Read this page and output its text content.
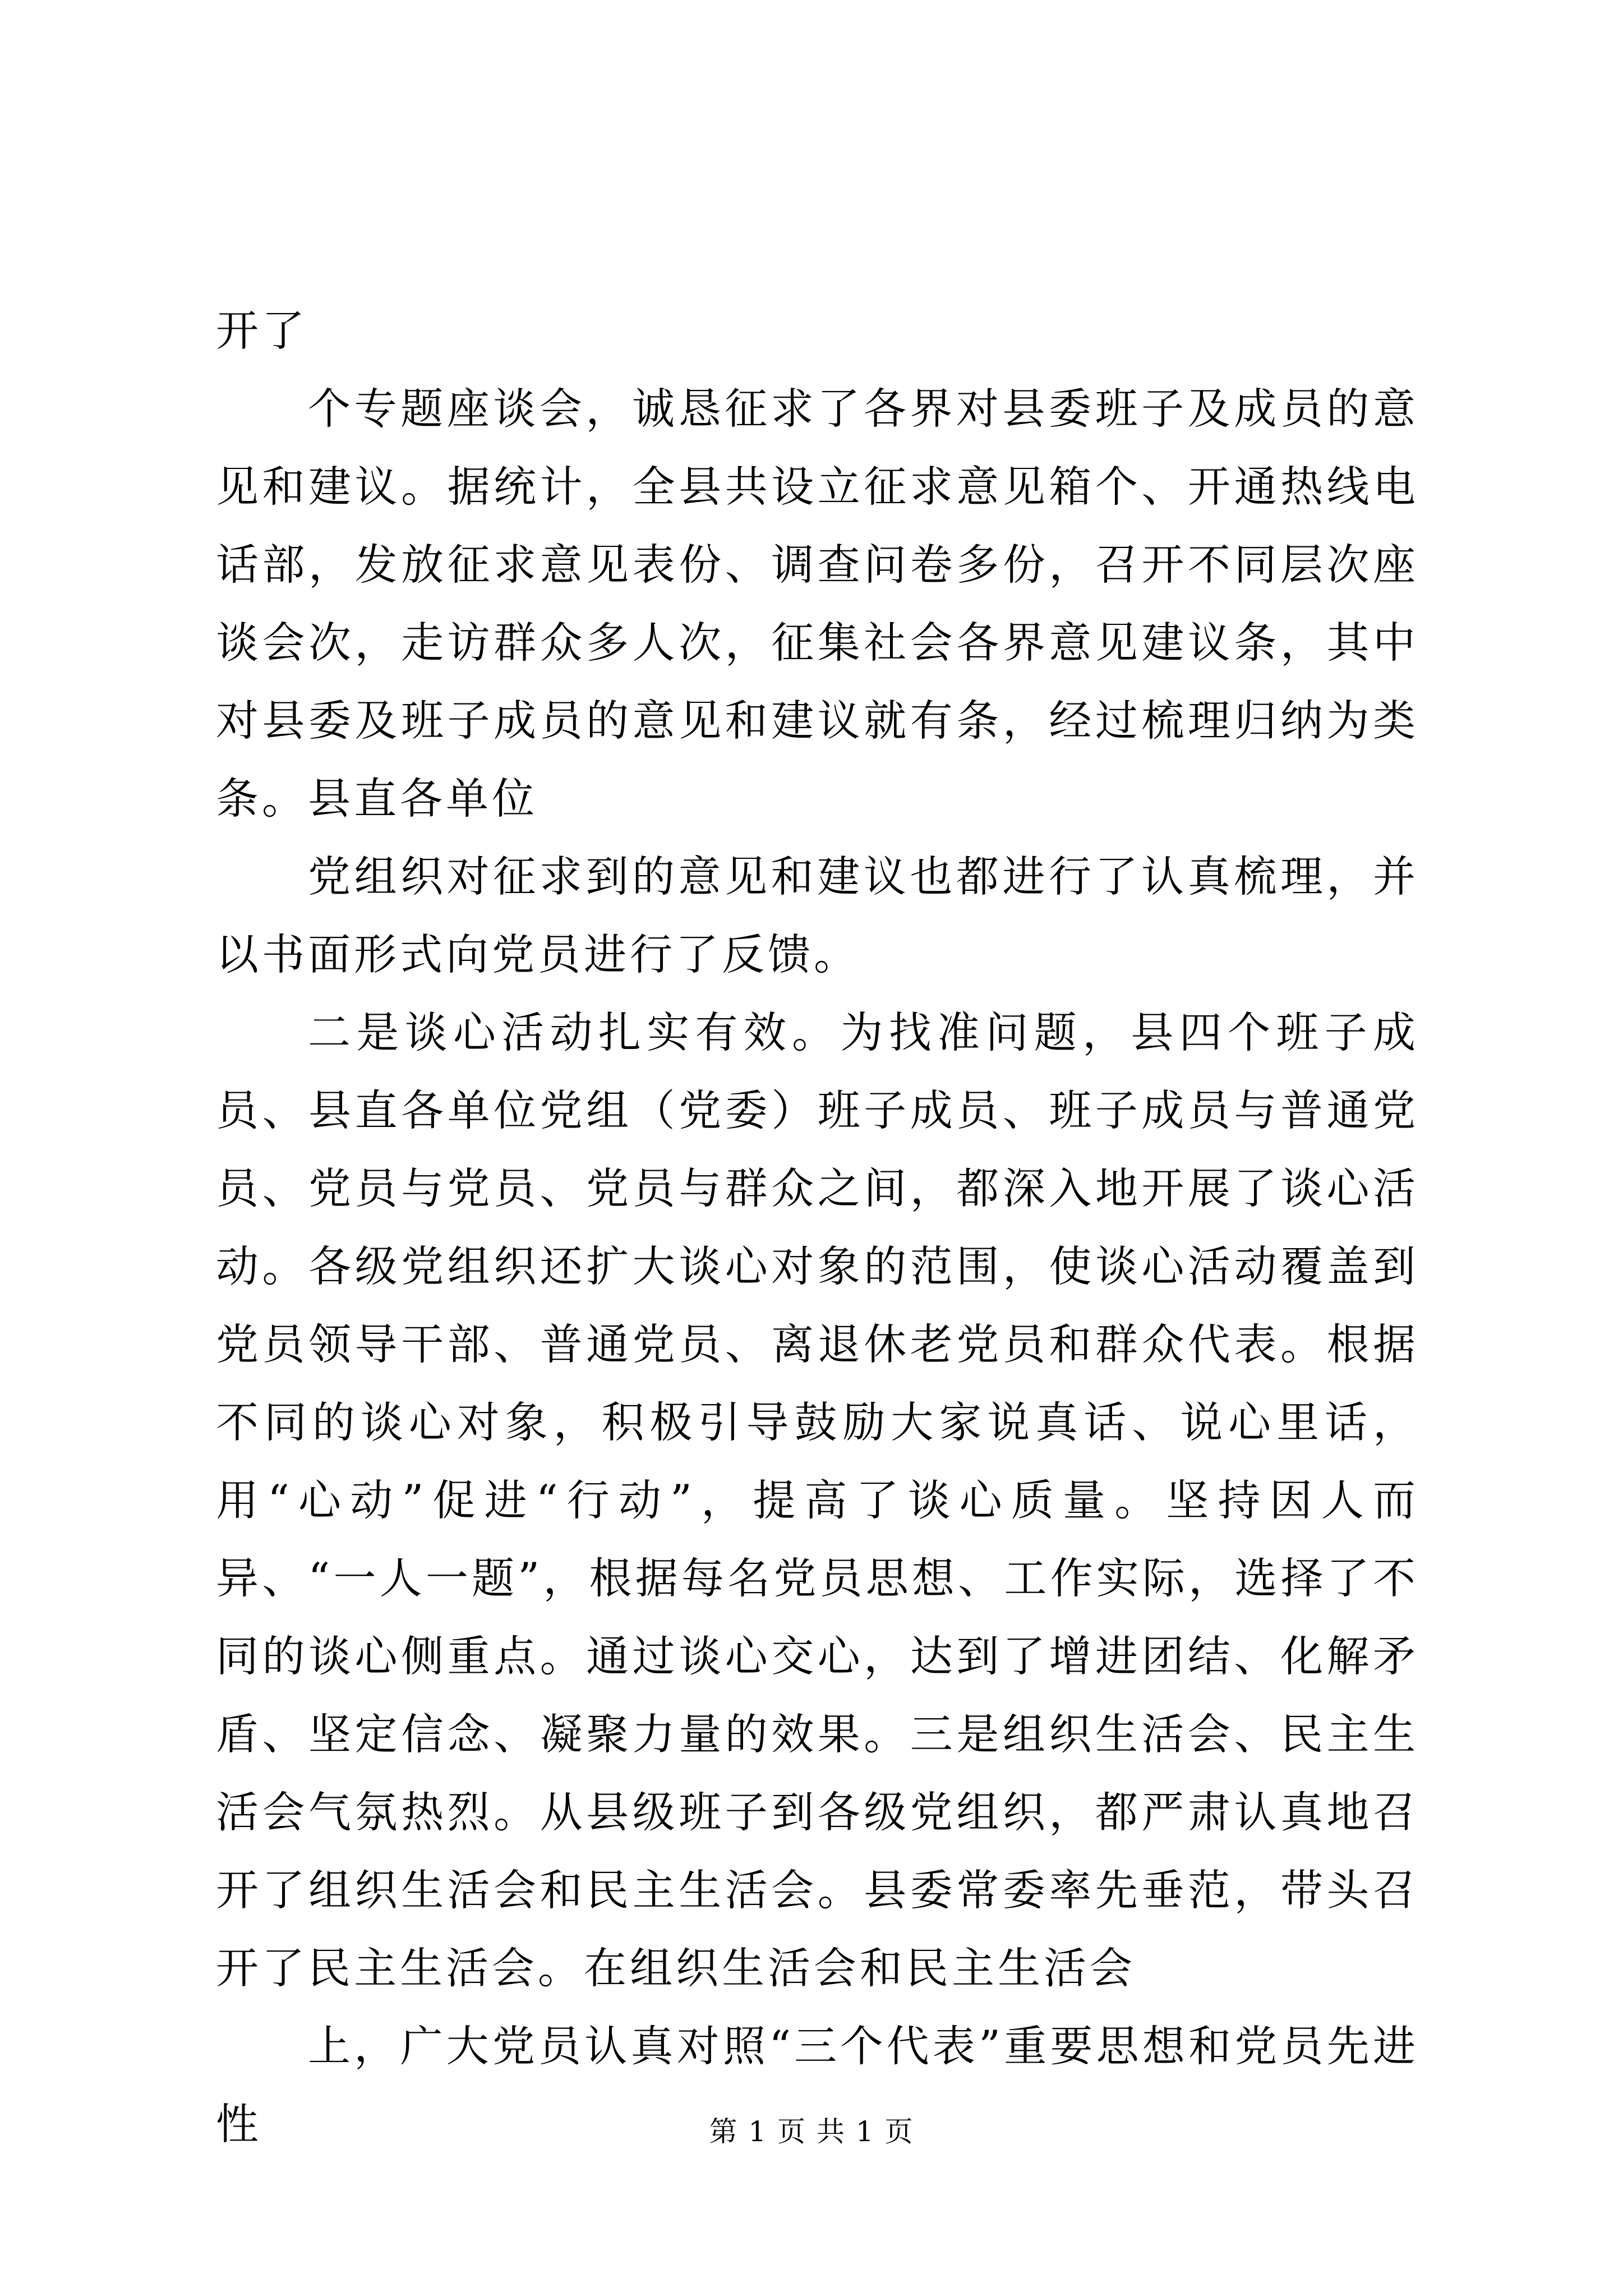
开了

个专题座谈会，诚恳征求了各界对县委班子及成员的意见和建议。据统计，全县共设立征求意见箱个、开通热线电话部，发放征求意见表份、调查问卷多份，召开不同层次座谈会次，走访群众多人次，征集社会各界意见建议条，其中对县委及班子成员的意见和建议就有条，经过梳理归纳为类条。县直各单位

党组织对征求到的意见和建议也都进行了认真梳理，并以书面形式向党员进行了反馈。

二是谈心活动扎实有效。为找准问题，县四个班子成员、县直各单位党组（党委）班子成员、班子成员与普通党员、党员与党员、党员与群众之间，都深入地开展了谈心活动。各级党组织还扩大谈心对象的范围，使谈心活动覆盖到党员领导干部、普通党员、离退休老党员和群众代表。根据不同的谈心对象，积极引导鼓励大家说真话、说心里话，用“心动”促进“行动”，提高了谈心质量。坚持因人而异、“一人一题”，根据每名党员思想、工作实际，选择了不同的谈心侧重点。通过谈心交心，达到了增进团结、化解矛盾、坚定信念、凝聚力量的效果。三是组织生活会、民主生活会气氛热烈。从县级班子到各级党组织，都严肃认真地召开了组织生活会和民主生活会。县委常委率先垂范，带头召开了民主生活会。在组织生活会和民主生活会

上，广大党员认真对照“三个代表”重要思想和党员先进性	第 1 页 共 1 页
